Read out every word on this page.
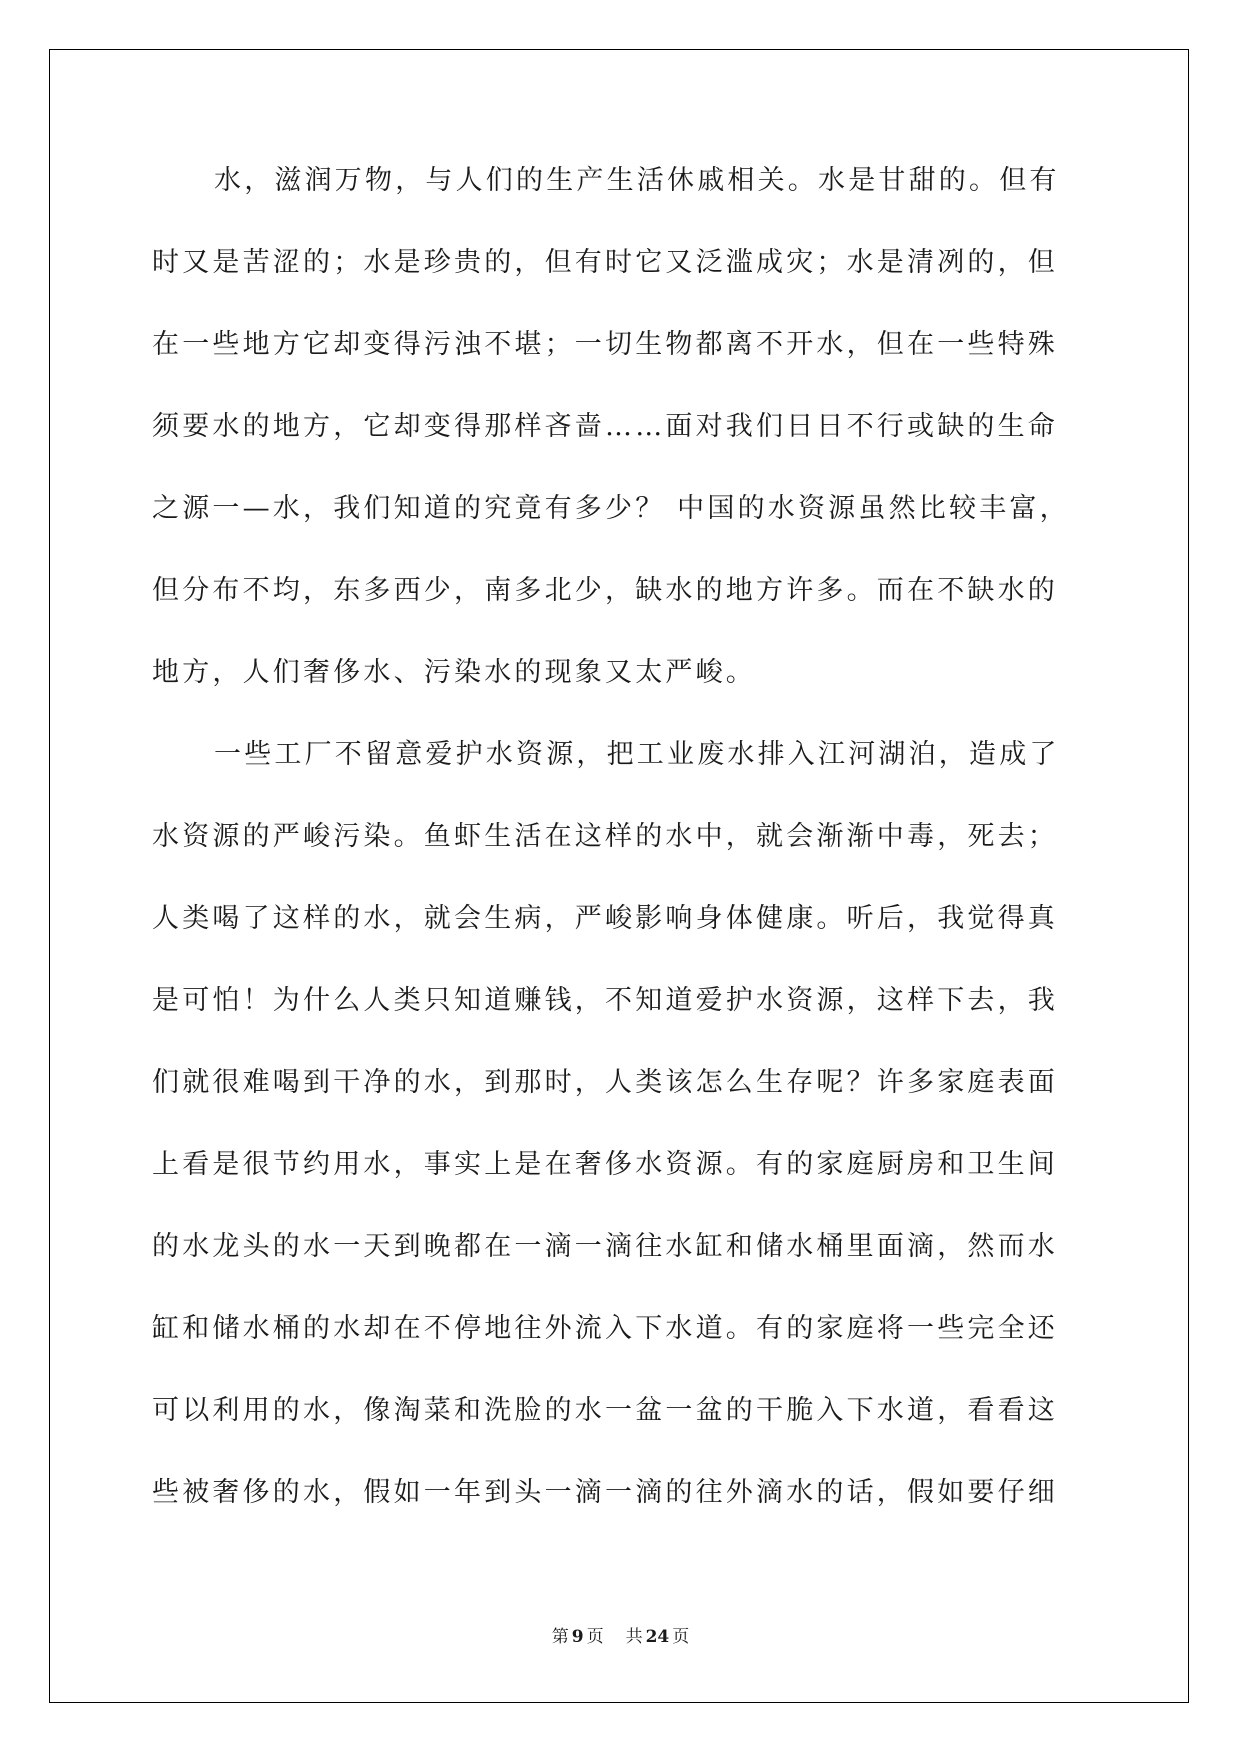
水，滋润万物，与人们的生产生活休戚相关。水是甘甜的。但有
时又是苦涩的；水是珍贵的，但有时它又泛滥成灾；水是清冽的，但
在一些地方它却变得污浊不堪；一切生物都离不开水，但在一些特殊
须要水的地方，它却变得那样吝啬……面对我们日日不行或缺的生命
之源一—水，我们知道的究竟有多少？ 中国的水资源虽然比较丰富，
但分布不均，东多西少，南多北少，缺水的地方许多。而在不缺水的
地方，人们奢侈水、污染水的现象又太严峻。
一些工厂不留意爱护水资源，把工业废水排入江河湖泊，造成了
水资源的严峻污染。鱼虾生活在这样的水中，就会渐渐中毒，死去；
人类喝了这样的水，就会生病，严峻影响身体健康。听后，我觉得真
是可怕！为什么人类只知道赚钱，不知道爱护水资源，这样下去，我
们就很难喝到干净的水，到那时，人类该怎么生存呢？许多家庭表面
上看是很节约用水，事实上是在奢侈水资源。有的家庭厨房和卫生间
的水龙头的水一天到晚都在一滴一滴往水缸和储水桶里面滴，然而水
缸和储水桶的水却在不停地往外流入下水道。有的家庭将一些完全还
可以利用的水，像淘菜和洗脸的水一盆一盆的干脆入下水道，看看这
些被奢侈的水，假如一年到头一滴一滴的往外滴水的话，假如要仔细
第 9 页 共 24 页
